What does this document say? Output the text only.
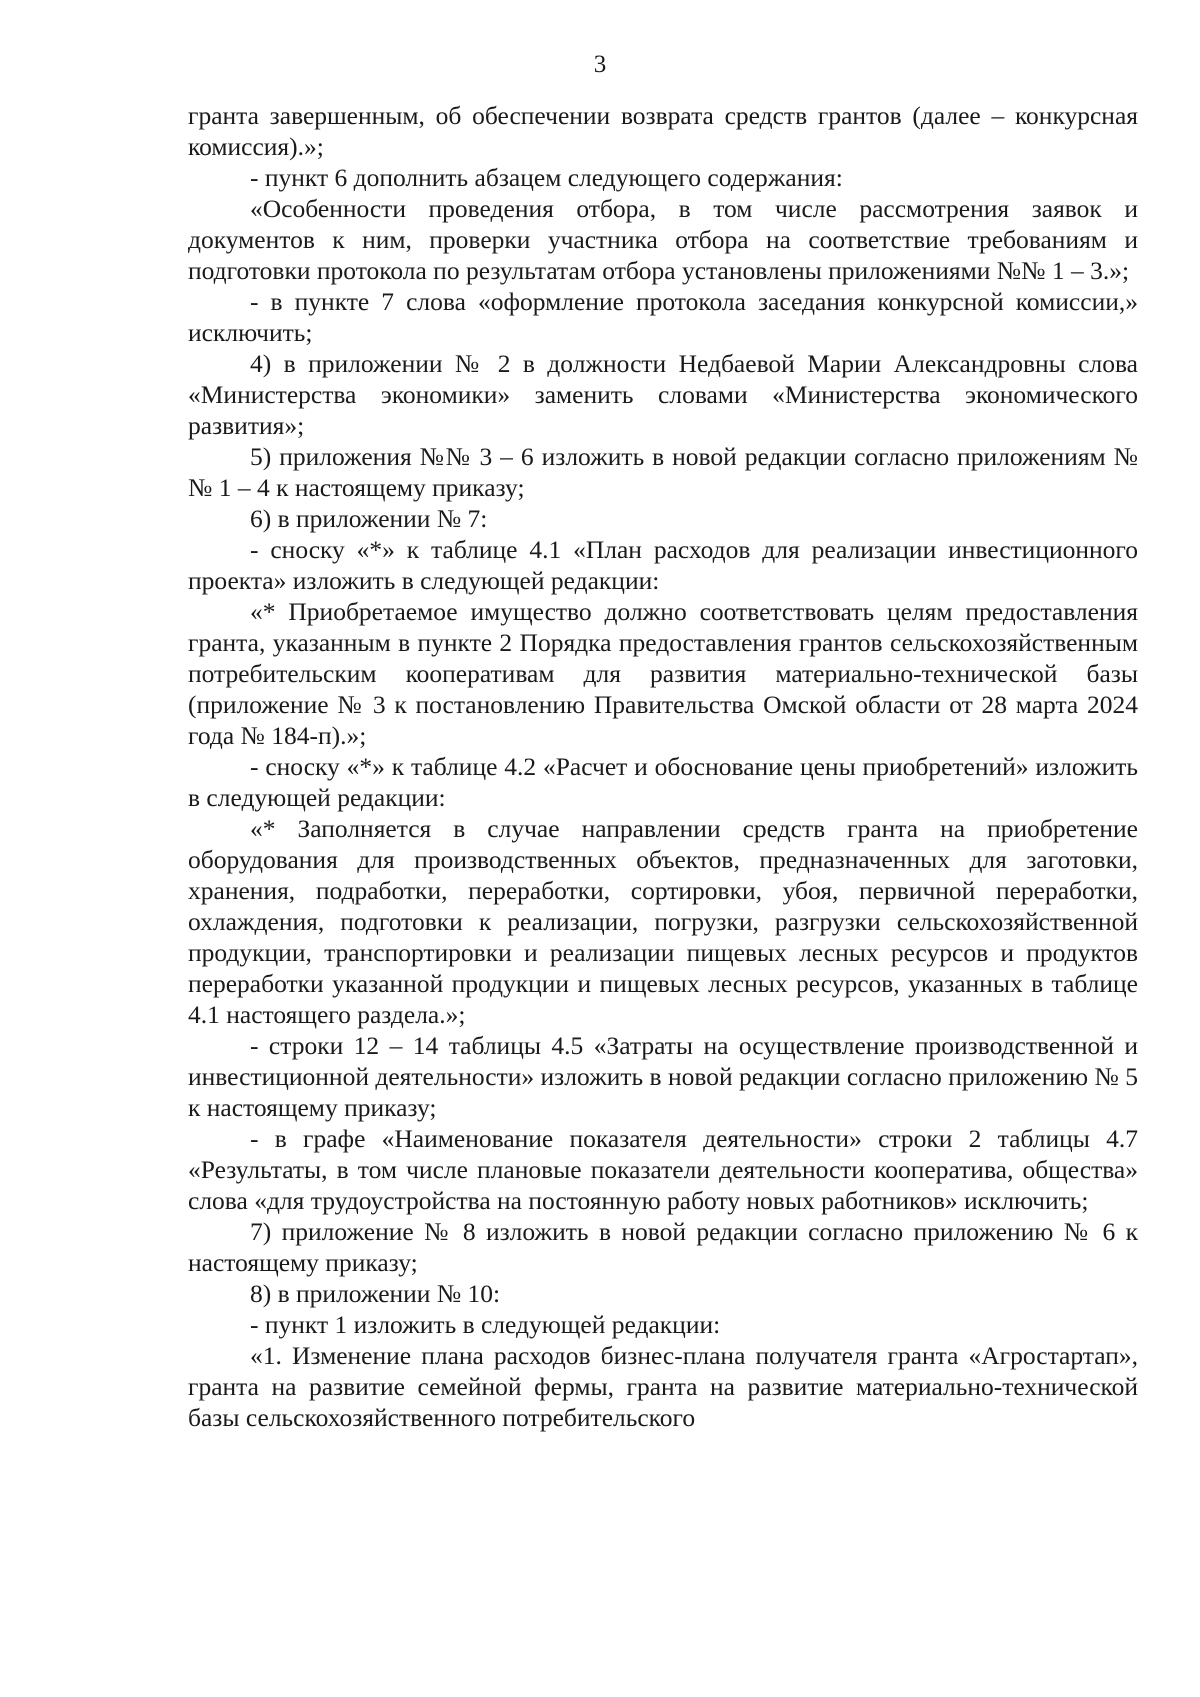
3

гранта завершенным, об обеспечении возврата средств грантов (далее – конкурсная комиссия).»;

- пункт 6 дополнить абзацем следующего содержания:

«Особенности проведения отбора, в том числе рассмотрения заявок и документов к ним, проверки участника отбора на соответствие требованиям и подготовки протокола по результатам отбора установлены приложениями №№ 1 – 3.»;

- в пункте 7 слова «оформление протокола заседания конкурсной комиссии,» исключить;

4) в приложении № 2 в должности Недбаевой Марии Александровны слова «Министерства экономики» заменить словами «Министерства экономического развития»;

5) приложения №№ 3 – 6 изложить в новой редакции согласно приложениям №№ 1 – 4 к настоящему приказу;

6) в приложении № 7:

- сноску «*» к таблице 4.1 «План расходов для реализации инвестиционного проекта» изложить в следующей редакции:

«* Приобретаемое имущество должно соответствовать целям предоставления гранта, указанным в пункте 2 Порядка предоставления грантов сельскохозяйственным потребительским кооперативам для развития материально-технической базы (приложение № 3 к постановлению Правительства Омской области от 28 марта 2024 года № 184-п).»;

- сноску «*» к таблице 4.2 «Расчет и обоснование цены приобретений» изложить в следующей редакции:

«* Заполняется в случае направлении средств гранта на приобретение оборудования для производственных объектов, предназначенных для заготовки, хранения, подработки, переработки, сортировки, убоя, первичной переработки, охлаждения, подготовки к реализации, погрузки, разгрузки сельскохозяйственной продукции, транспортировки и реализации пищевых лесных ресурсов и продуктов переработки указанной продукции и пищевых лесных ресурсов, указанных в таблице 4.1 настоящего раздела.»;

- строки 12 – 14 таблицы 4.5 «Затраты на осуществление производственной и инвестиционной деятельности» изложить в новой редакции согласно приложению № 5 к настоящему приказу;

- в графе «Наименование показателя деятельности» строки 2 таблицы 4.7 «Результаты, в том числе плановые показатели деятельности кооператива, общества» слова «для трудоустройства на постоянную работу новых работников» исключить;

7) приложение № 8 изложить в новой редакции согласно приложению № 6 к настоящему приказу;

8) в приложении № 10:

- пункт 1 изложить в следующей редакции:

«1. Изменение плана расходов бизнес-плана получателя гранта «Агростартап», гранта на развитие семейной фермы, гранта на развитие материально-технической базы сельскохозяйственного потребительского
